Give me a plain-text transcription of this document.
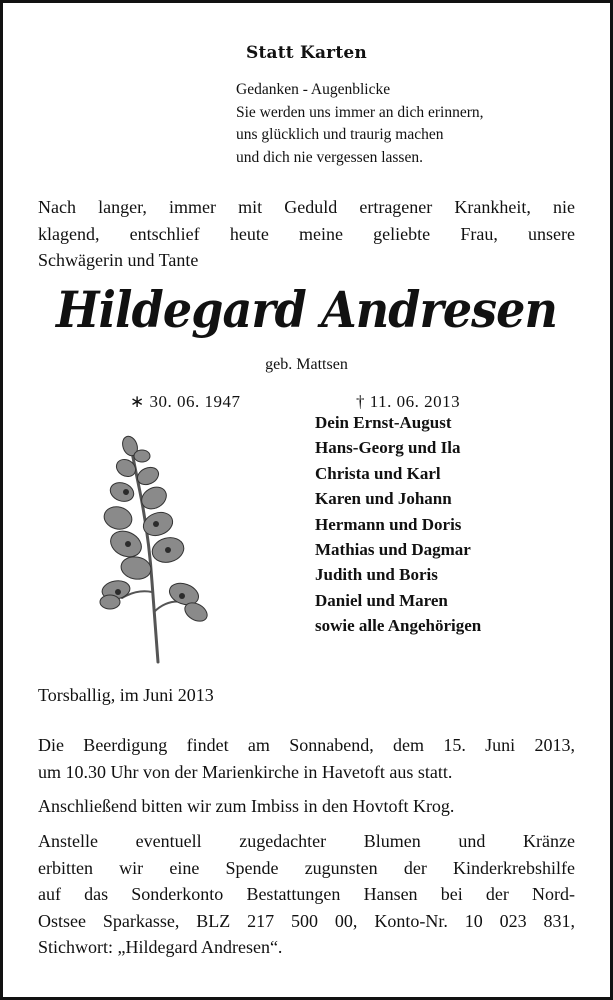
Statt Karten
Gedanken - Augenblicke
Sie werden uns immer an dich erinnern,
uns glücklich und traurig machen
und dich nie vergessen lassen.
Nach langer, immer mit Geduld ertragener Krankheit, nie
klagend, entschlief heute meine geliebte Frau, unsere
Schwägerin und Tante
Hildegard Andresen
geb. Mattsen
∗ 30. 06. 1947	† 11. 06. 2013
Dein Ernst-August
Hans-Georg und Ila
Christa und Karl
Karen und Johann
Hermann und Doris
Mathias und Dagmar
Judith und Boris
Daniel und Maren
sowie alle Angehörigen
Torsballig, im Juni 2013
Die Beerdigung findet am Sonnabend, dem 15. Juni 2013,
um 10.30 Uhr von der Marienkirche in Havetoft aus statt.
Anschließend bitten wir zum Imbiss in den Hovtoft Krog.
Anstelle eventuell zugedachter Blumen und Kränze
erbitten wir eine Spende zugunsten der Kinderkrebshilfe
auf das Sonderkonto Bestattungen Hansen bei der Nord-
Ostsee Sparkasse, BLZ 217 500 00, Konto-Nr. 10 023 831,
Stichwort: „Hildegard Andresen“.
